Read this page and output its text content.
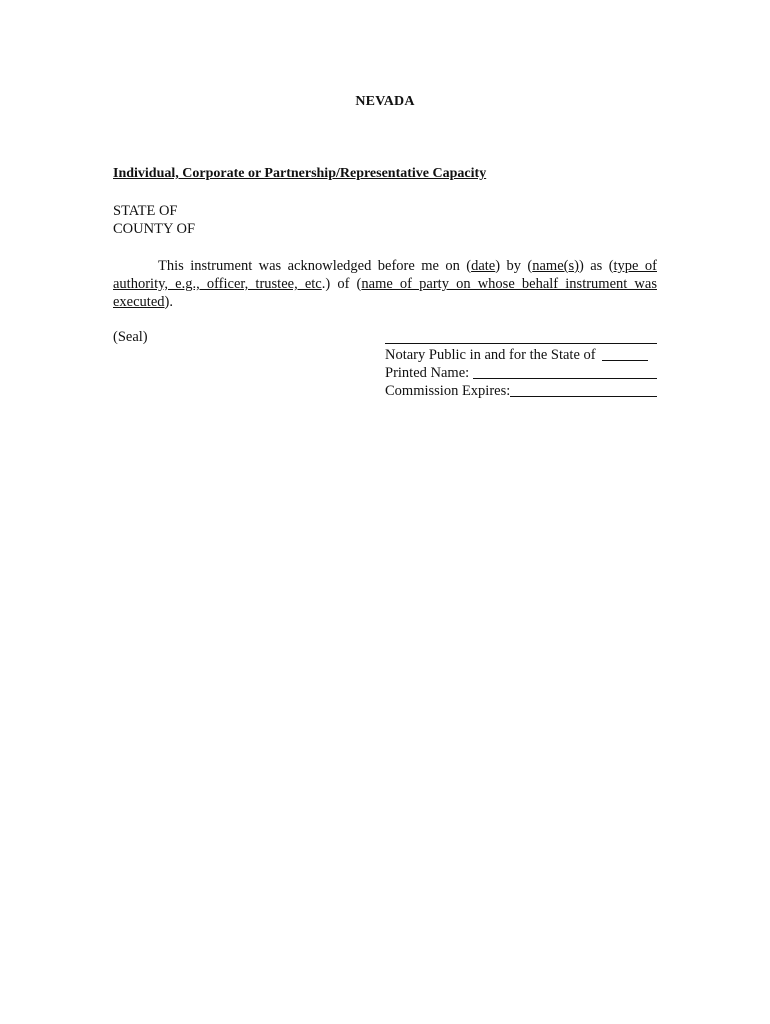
NEVADA
Individual, Corporate or Partnership/Representative Capacity
STATE OF
COUNTY OF
This instrument was acknowledged before me on (date) by (name(s)) as (type of authority, e.g., officer, trustee, etc.) of (name of party on whose behalf instrument was executed).
(Seal)
Notary Public in and for the State of
Printed Name:
Commission Expires:
